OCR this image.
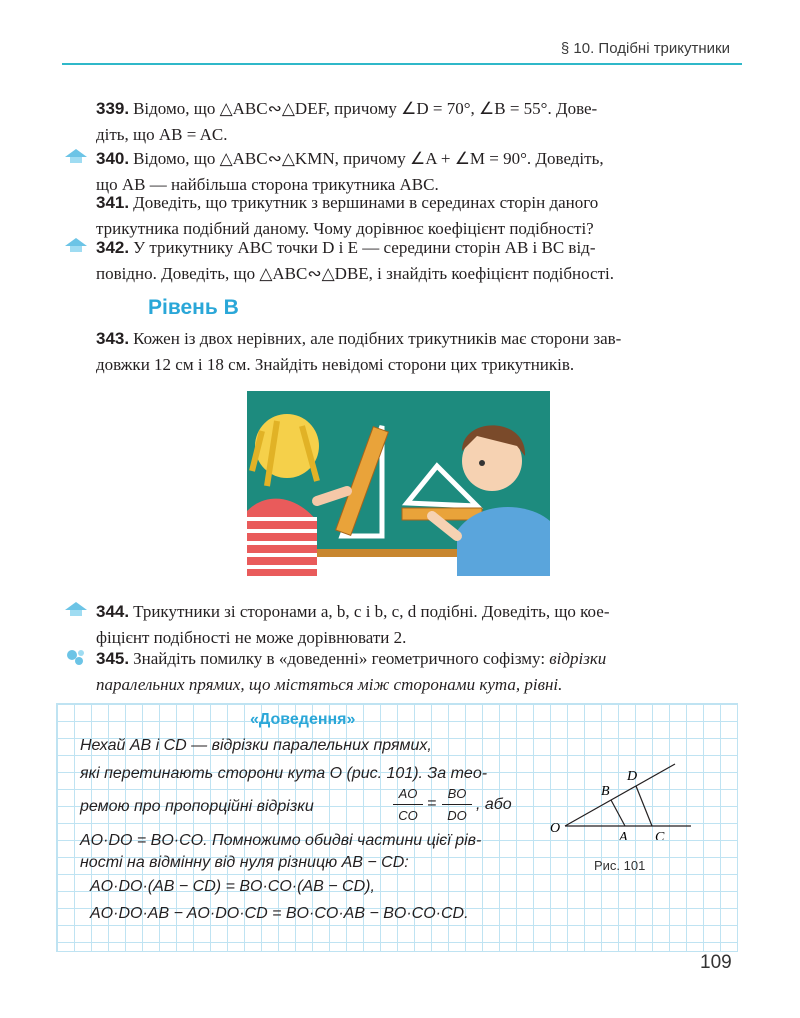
§ 10. Подібні трикутники
339. Відомо, що △ABC∾△DEF, причому ∠D = 70°, ∠B = 55°. Дове-
діть, що AB = AC.
340. Відомо, що △ABC∾△KMN, причому ∠A + ∠M = 90°. Доведіть,
що AB — найбільша сторона трикутника ABC.
341. Доведіть, що трикутник з вершинами в серединах сторін даного
трикутника подібний даному. Чому дорівнює коефіцієнт подібності?
342. У трикутнику ABC точки D і E — середини сторін AB і BC від-
повідно. Доведіть, що △ABC∾△DBE, і знайдіть коефіцієнт подібності.
Рівень В
343. Кожен із двох нерівних, але подібних трикутників має сторони зав-
довжки 12 см і 18 см. Знайдіть невідомі сторони цих трикутників.
344. Трикутники зі сторонами a, b, c і b, c, d подібні. Доведіть, що кое-
фіцієнт подібності не може дорівнювати 2.
345. Знайдіть помилку в «доведенні» геометричного софізму: відрізки
паралельних прямих, що містяться між сторонами кута, рівні.
«Доведення»
Нехай AB і CD — відрізки паралельних прямих,
які перетинають сторони кута O (рис. 101). За тео-
ремою про пропорційні відрізки
AO
CO
=
BO
DO
, або
AO·DO = BO·CO. Помножимо обидві частини цієї рів-
ності на відмінну від нуля різницю AB − CD:
AO·DO·(AB − CD) = BO·CO·(AB − CD),
AO·DO·AB − AO·DO·CD = BO·CO·AB − BO·CO·CD.
O
A
B
C
D
Рис. 101
109
